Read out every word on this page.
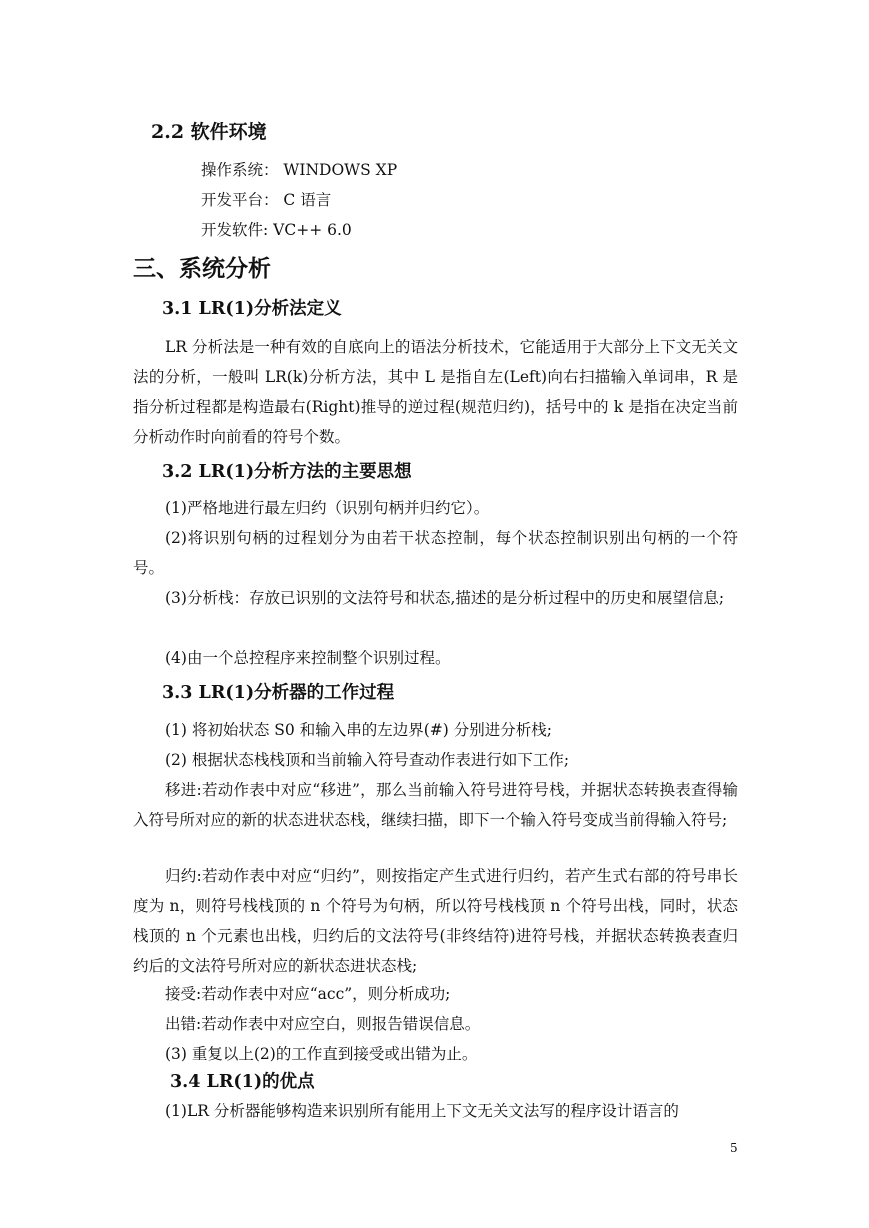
2.2 软件环境
操作系统： WINDOWS XP
开发平台： C 语言
开发软件: VC++ 6.0
三、系统分析
3.1 LR(1)分析法定义
LR 分析法是一种有效的自底向上的语法分析技术，它能适用于大部分上下文无关文法的分析，一般叫 LR(k)分析方法，其中 L 是指自左(Left)向右扫描输入单词串，R 是指分析过程都是构造最右(Right)推导的逆过程(规范归约)，括号中的 k 是指在决定当前分析动作时向前看的符号个数。
3.2 LR(1)分析方法的主要思想
(1)严格地进行最左归约（识别句柄并归约它）。
(2)将识别句柄的过程划分为由若干状态控制，每个状态控制识别出句柄的一个符号。
(3)分析栈：存放已识别的文法符号和状态,描述的是分析过程中的历史和展望信息;
(4)由一个总控程序来控制整个识别过程。
3.3 LR(1)分析器的工作过程
(1) 将初始状态 S0 和输入串的左边界(#) 分别进分析栈;
(2) 根据状态栈栈顶和当前输入符号查动作表进行如下工作;
移进:若动作表中对应“移进”，那么当前输入符号进符号栈，并据状态转换表查得输入符号所对应的新的状态进状态栈，继续扫描，即下一个输入符号变成当前得输入符号;
归约:若动作表中对应“归约”，则按指定产生式进行归约，若产生式右部的符号串长度为 n，则符号栈栈顶的 n 个符号为句柄，所以符号栈栈顶 n 个符号出栈，同时，状态栈顶的 n 个元素也出栈，归约后的文法符号(非终结符)进符号栈，并据状态转换表查归约后的文法符号所对应的新状态进状态栈;
接受:若动作表中对应“acc”，则分析成功;
出错:若动作表中对应空白，则报告错误信息。
(3) 重复以上(2)的工作直到接受或出错为止。
3.4 LR(1)的优点
(1)LR 分析器能够构造来识别所有能用上下文无关文法写的程序设计语言的
5
